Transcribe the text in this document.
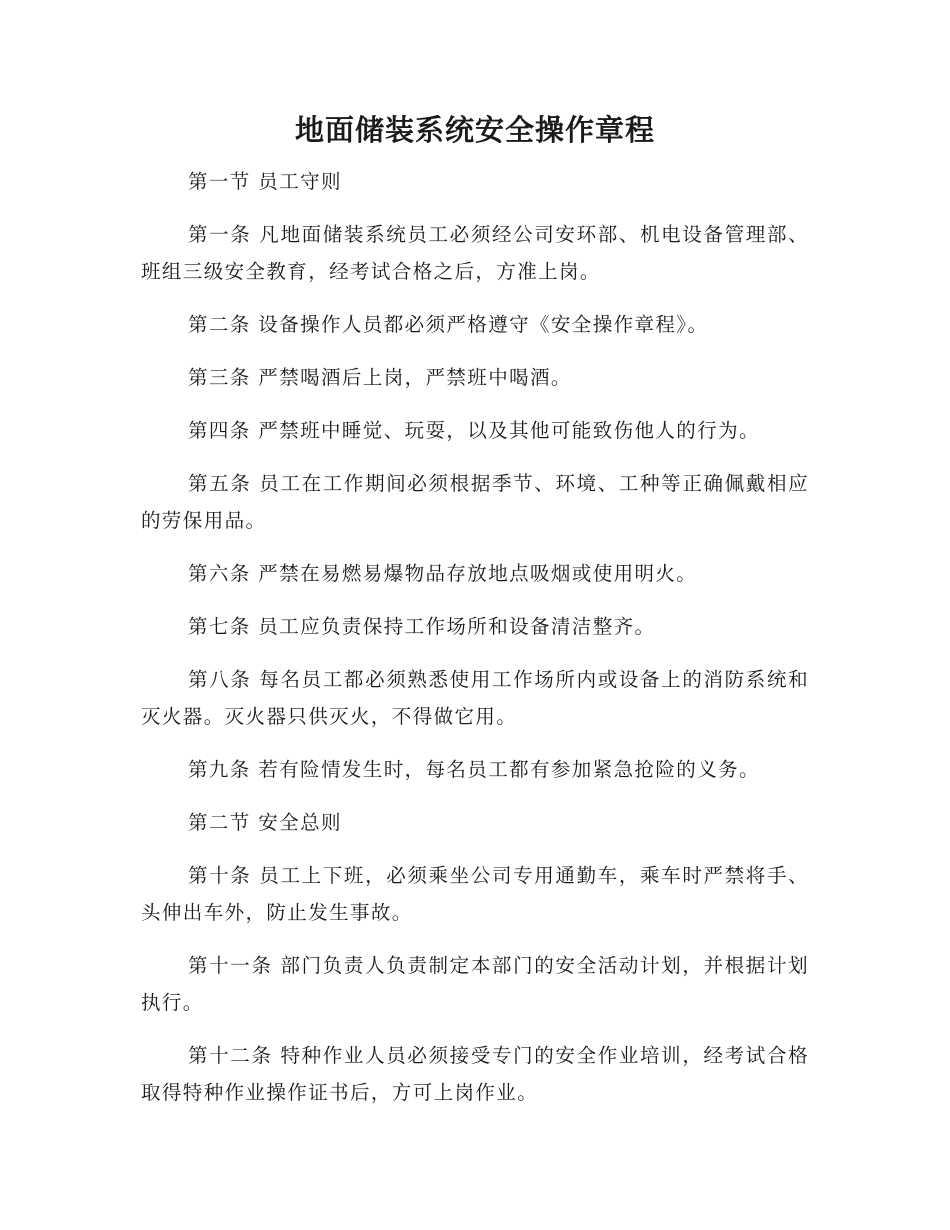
地面储装系统安全操作章程

第一节 员工守则

第一条 凡地面储装系统员工必须经公司安环部、机电设备管理部、班组三级安全教育，经考试合格之后，方准上岗。

第二条 设备操作人员都必须严格遵守《安全操作章程》。

第三条 严禁喝酒后上岗，严禁班中喝酒。

第四条 严禁班中睡觉、玩耍，以及其他可能致伤他人的行为。

第五条 员工在工作期间必须根据季节、环境、工种等正确佩戴相应的劳保用品。

第六条 严禁在易燃易爆物品存放地点吸烟或使用明火。

第七条 员工应负责保持工作场所和设备清洁整齐。

第八条 每名员工都必须熟悉使用工作场所内或设备上的消防系统和灭火器。灭火器只供灭火，不得做它用。

第九条 若有险情发生时，每名员工都有参加紧急抢险的义务。

第二节 安全总则

第十条 员工上下班，必须乘坐公司专用通勤车，乘车时严禁将手、头伸出车外，防止发生事故。

第十一条 部门负责人负责制定本部门的安全活动计划，并根据计划执行。

第十二条 特种作业人员必须接受专门的安全作业培训，经考试合格取得特种作业操作证书后，方可上岗作业。
